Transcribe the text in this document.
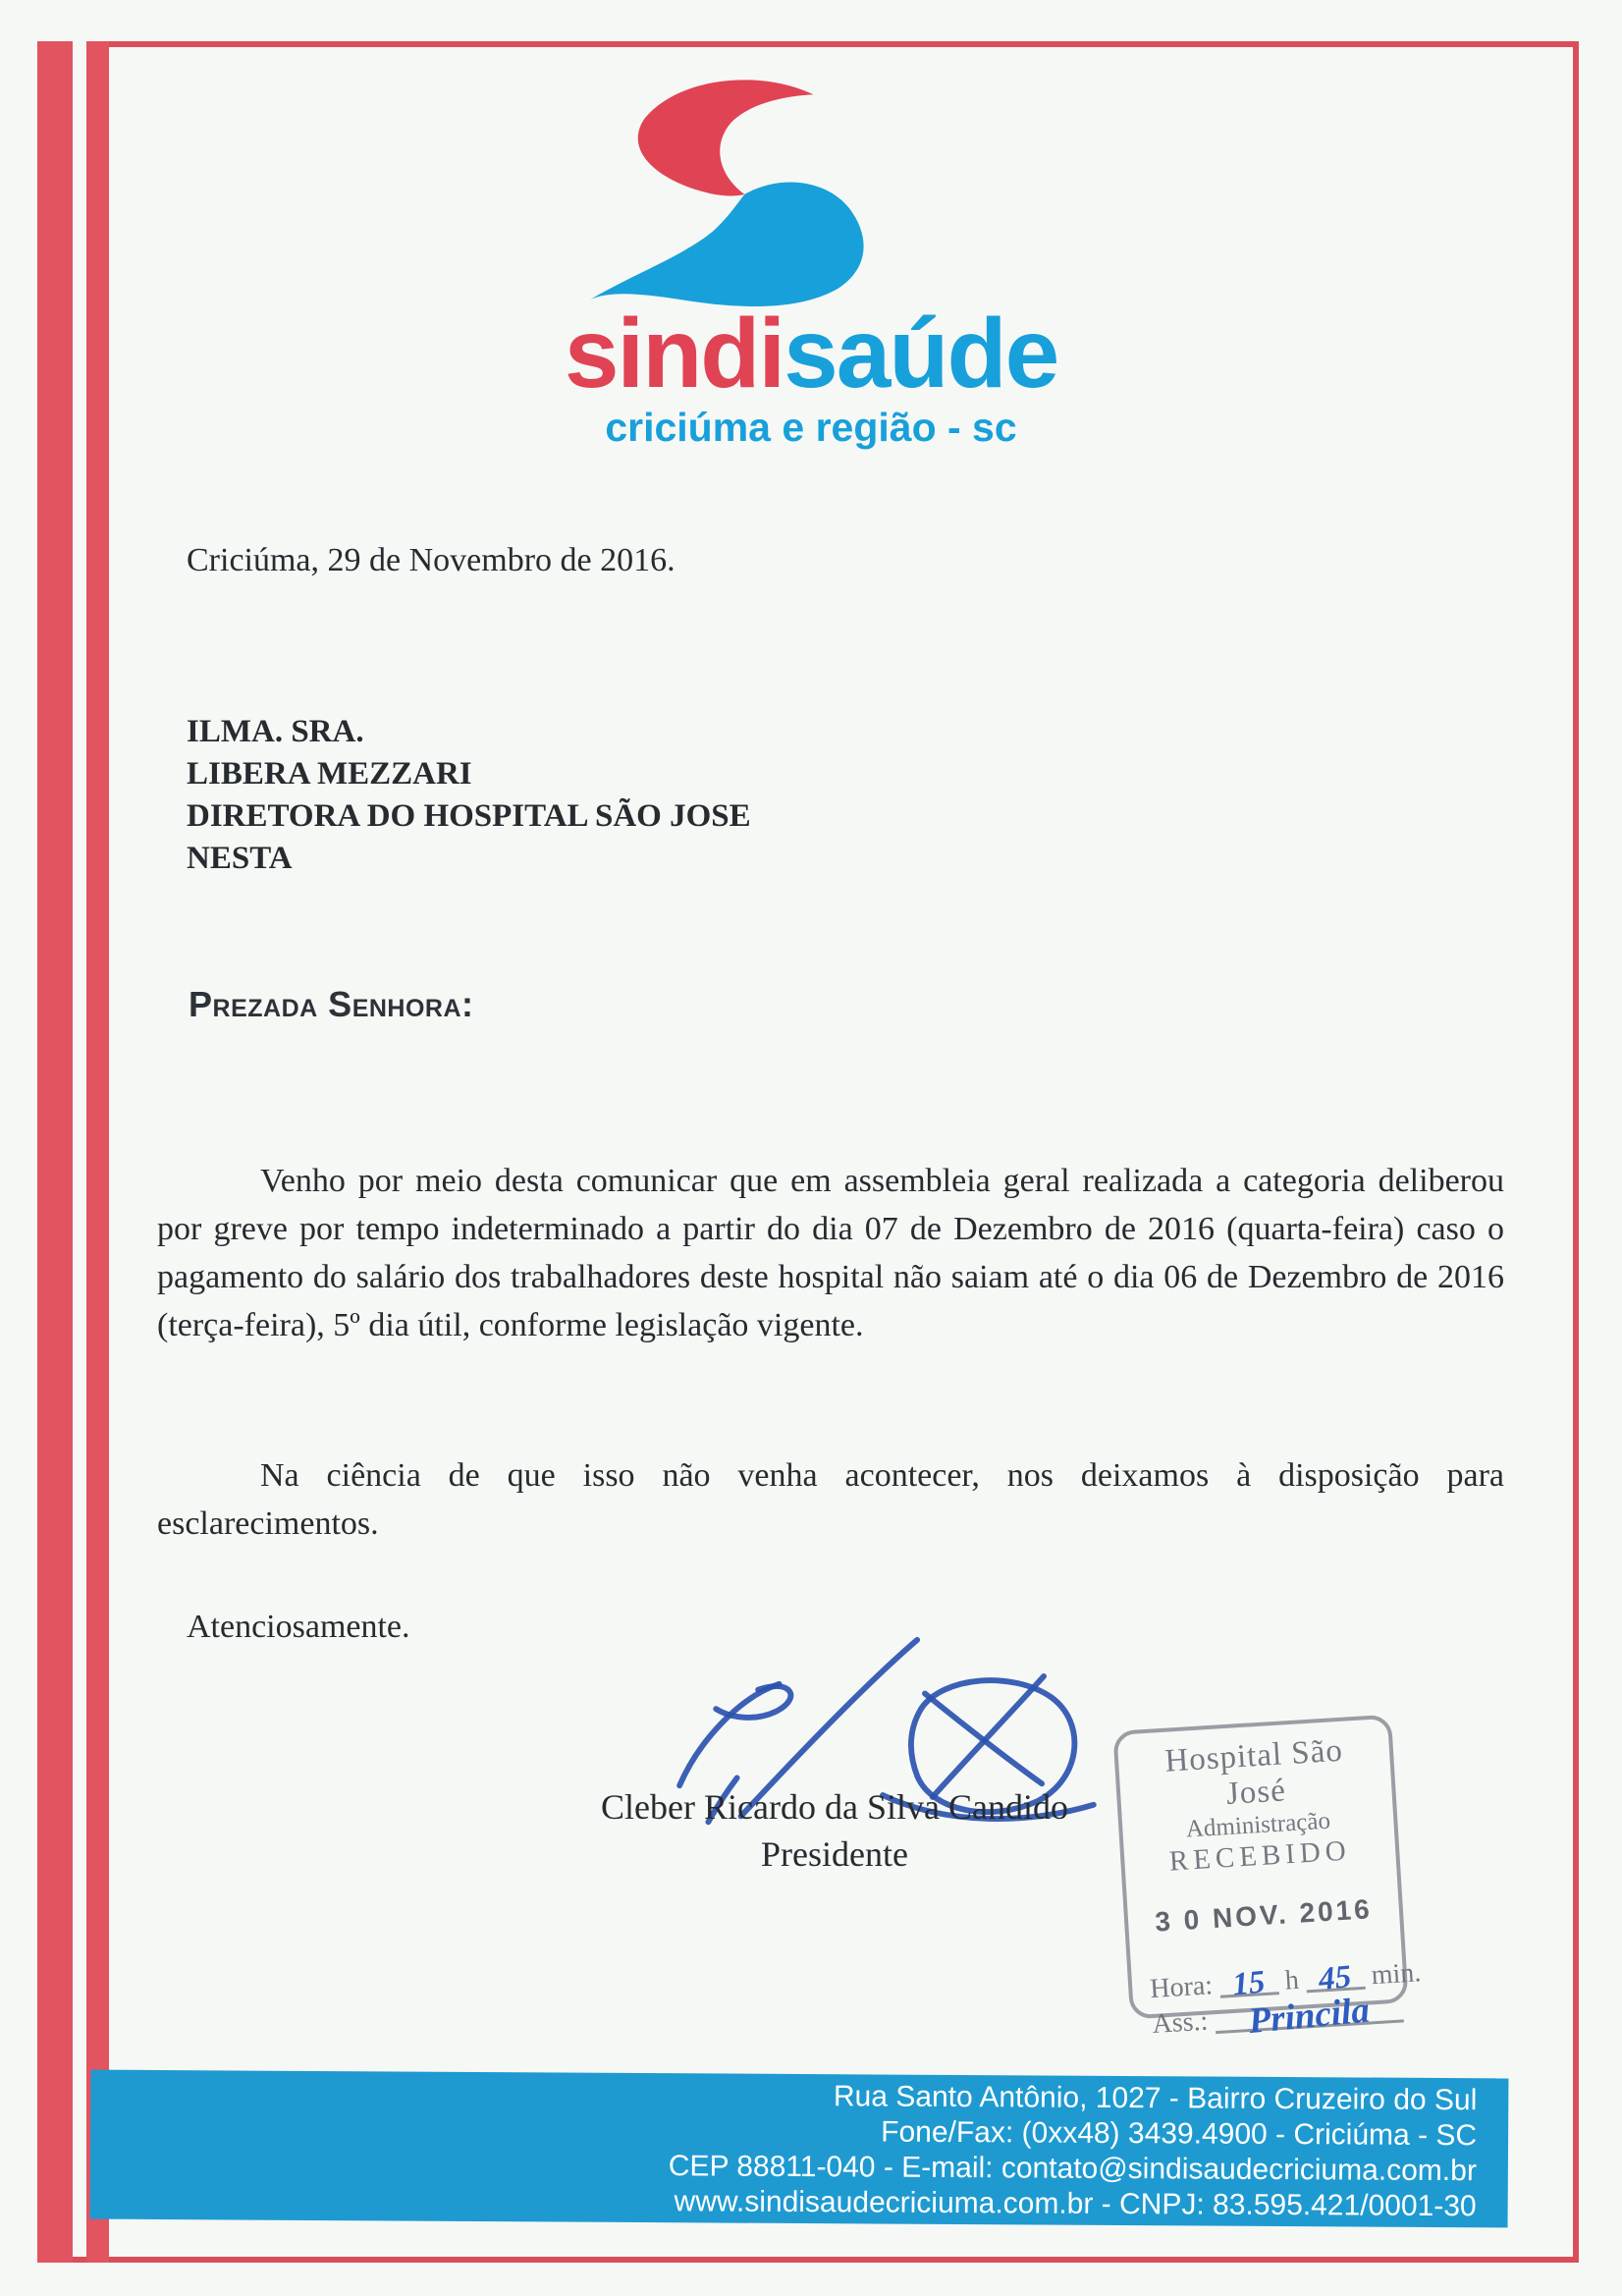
sindisaúde
criciúma e região - sc
Criciúma, 29 de Novembro de 2016.
ILMA. SRA.
LIBERA MEZZARI
DIRETORA DO HOSPITAL SÃO JOSE
NESTA
Prezada Senhora:
Venho por meio desta comunicar que em assembleia geral realizada a categoria deliberou por greve por tempo indeterminado a partir do dia 07 de Dezembro de 2016 (quarta-feira) caso o pagamento do salário dos trabalhadores deste hospital não saiam até o dia 06 de Dezembro de 2016 (terça-feira), 5º dia útil, conforme legislação vigente.
Na ciência de que isso não venha acontecer, nos deixamos à disposição para esclarecimentos.
Atenciosamente.
Cleber Ricardo da Silva Candido
Presidente
Hospital São José
Administração
RECEBIDO
3 0 NOV. 2016
Hora: 15 h 45 min.
Ass.: Princila
Rua Santo Antônio, 1027 - Bairro Cruzeiro do Sul
Fone/Fax: (0xx48) 3439.4900 - Criciúma - SC
CEP 88811-040 - E-mail: contato@sindisaudecriciuma.com.br
www.sindisaudecriciuma.com.br - CNPJ: 83.595.421/0001-30
